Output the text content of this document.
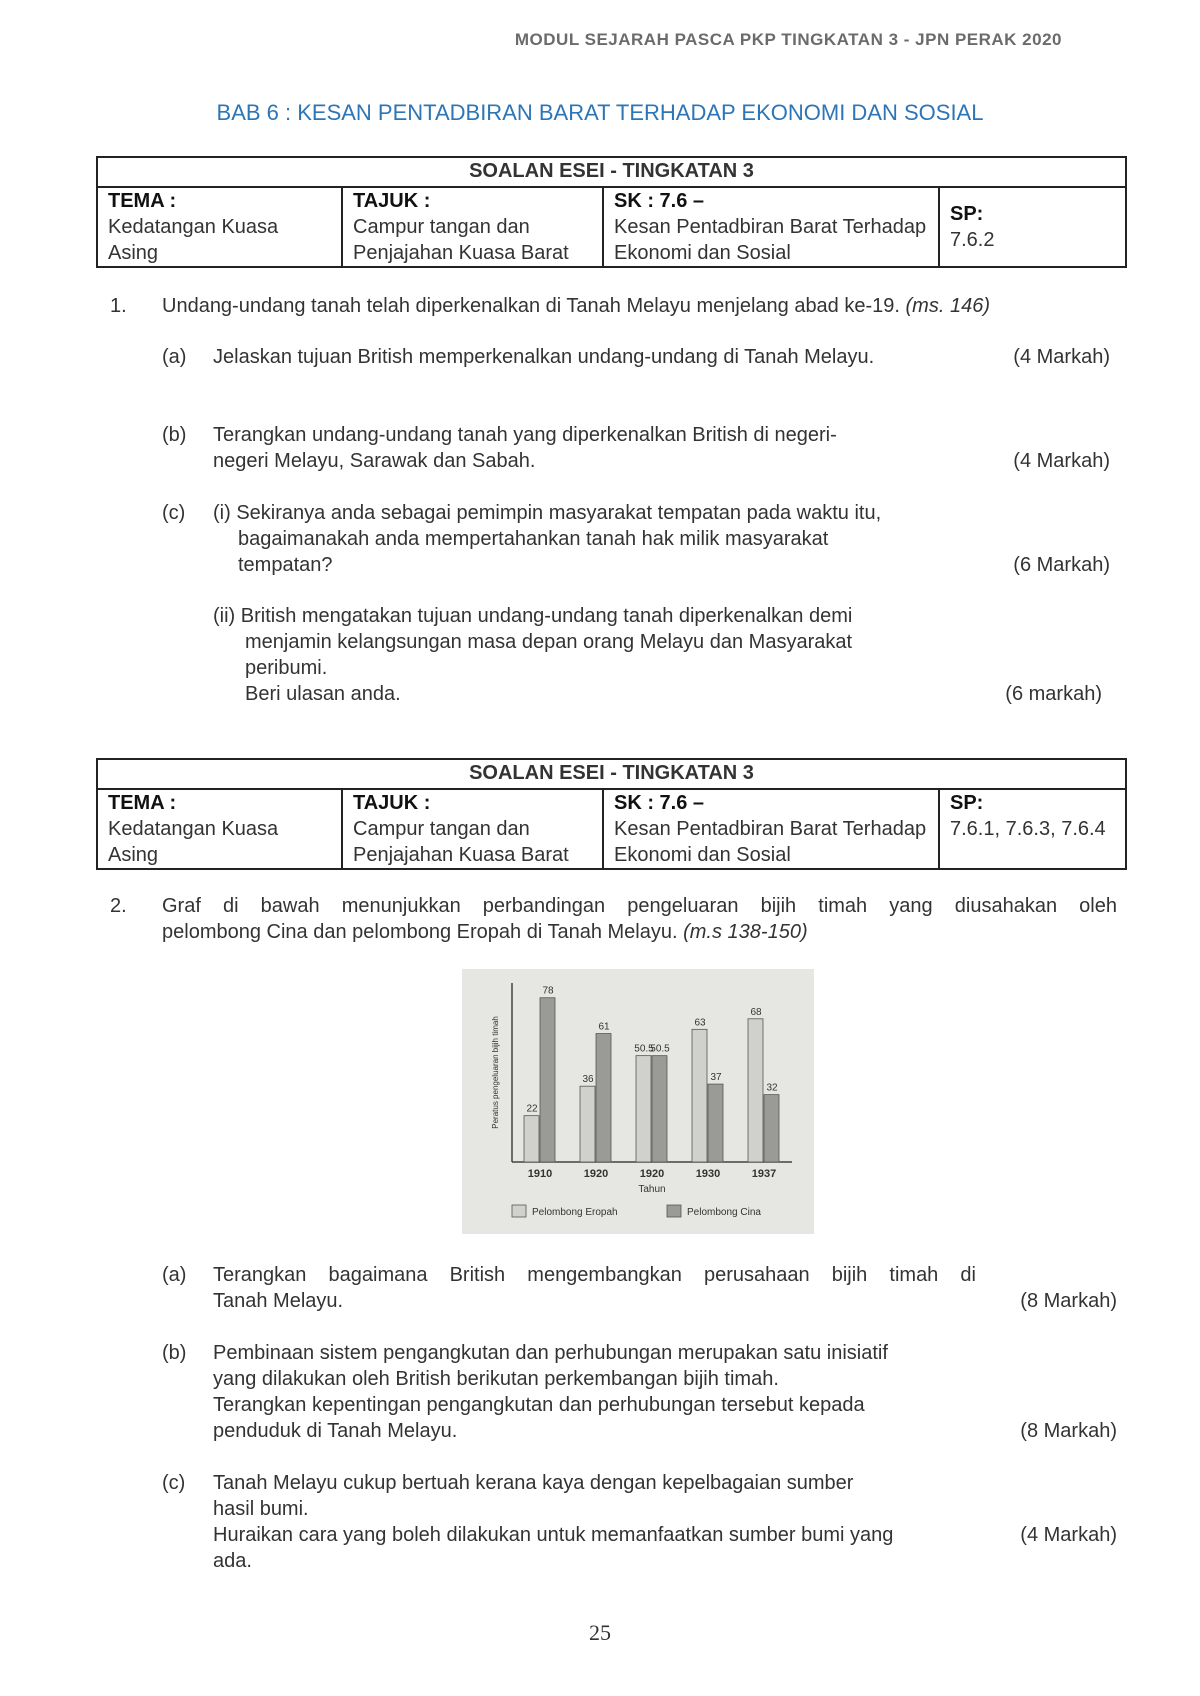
MODUL SEJARAH PASCA PKP TINGKATAN 3 - JPN PERAK 2020
BAB 6 : KESAN PENTADBIRAN BARAT TERHADAP EKONOMI DAN SOSIAL
SOALAN ESEI - TINGKATAN 3

TEMA :
Kedatangan Kuasa Asing

TAJUK :
Campur tangan dan Penjajahan Kuasa Barat

SK : 7.6 –
Kesan Pentadbiran Barat Terhadap Ekonomi dan Sosial

SP:
7.6.2
1. Undang-undang tanah telah diperkenalkan di Tanah Melayu menjelang abad ke-19. (ms. 146)
(a) Jelaskan tujuan British memperkenalkan undang-undang di Tanah Melayu.	(4 Markah)
(b) Terangkan undang-undang tanah yang diperkenalkan British di negeri-
negeri Melayu, Sarawak dan Sabah.	(4 Markah)
(c) (i) Sekiranya anda sebagai pemimpin masyarakat tempatan pada waktu itu,
bagaimanakah anda mempertahankan tanah hak milik masyarakat
tempatan?	(6 Markah)
(ii) British mengatakan tujuan undang-undang tanah diperkenalkan demi
menjamin kelangsungan masa depan orang Melayu dan Masyarakat
peribumi.
Beri ulasan anda.	(6 markah)
SOALAN ESEI - TINGKATAN 3

TEMA :
Kedatangan Kuasa Asing

TAJUK :
Campur tangan dan Penjajahan Kuasa Barat

SK : 7.6 –
Kesan Pentadbiran Barat Terhadap Ekonomi dan Sosial

SP:
7.6.1, 7.6.3, 7.6.4
2. Graf di bawah menunjukkan perbandingan pengeluaran bijih timah yang diusahakan oleh
pelombong Cina dan pelombong Eropah di Tanah Melayu. (m.s 138-150)
22
78
1910
36
61
1920
50.5
50.5
1920
63
37
1930
68
32
1937
Tahun
Peratus pengeluaran bijih timah
Pelombong Eropah	Pelombong Cina
(a) Terangkan bagaimana British mengembangkan perusahaan bijih timah di
Tanah Melayu.	(8 Markah)
(b) Pembinaan sistem pengangkutan dan perhubungan merupakan satu inisiatif
yang dilakukan oleh British berikutan perkembangan bijih timah.
Terangkan kepentingan pengangkutan dan perhubungan tersebut kepada
penduduk di Tanah Melayu.	(8 Markah)
(c) Tanah Melayu cukup bertuah kerana kaya dengan kepelbagaian sumber
hasil bumi.
Huraikan cara yang boleh dilakukan untuk memanfaatkan sumber bumi yang
ada.
(4 Markah)
25
